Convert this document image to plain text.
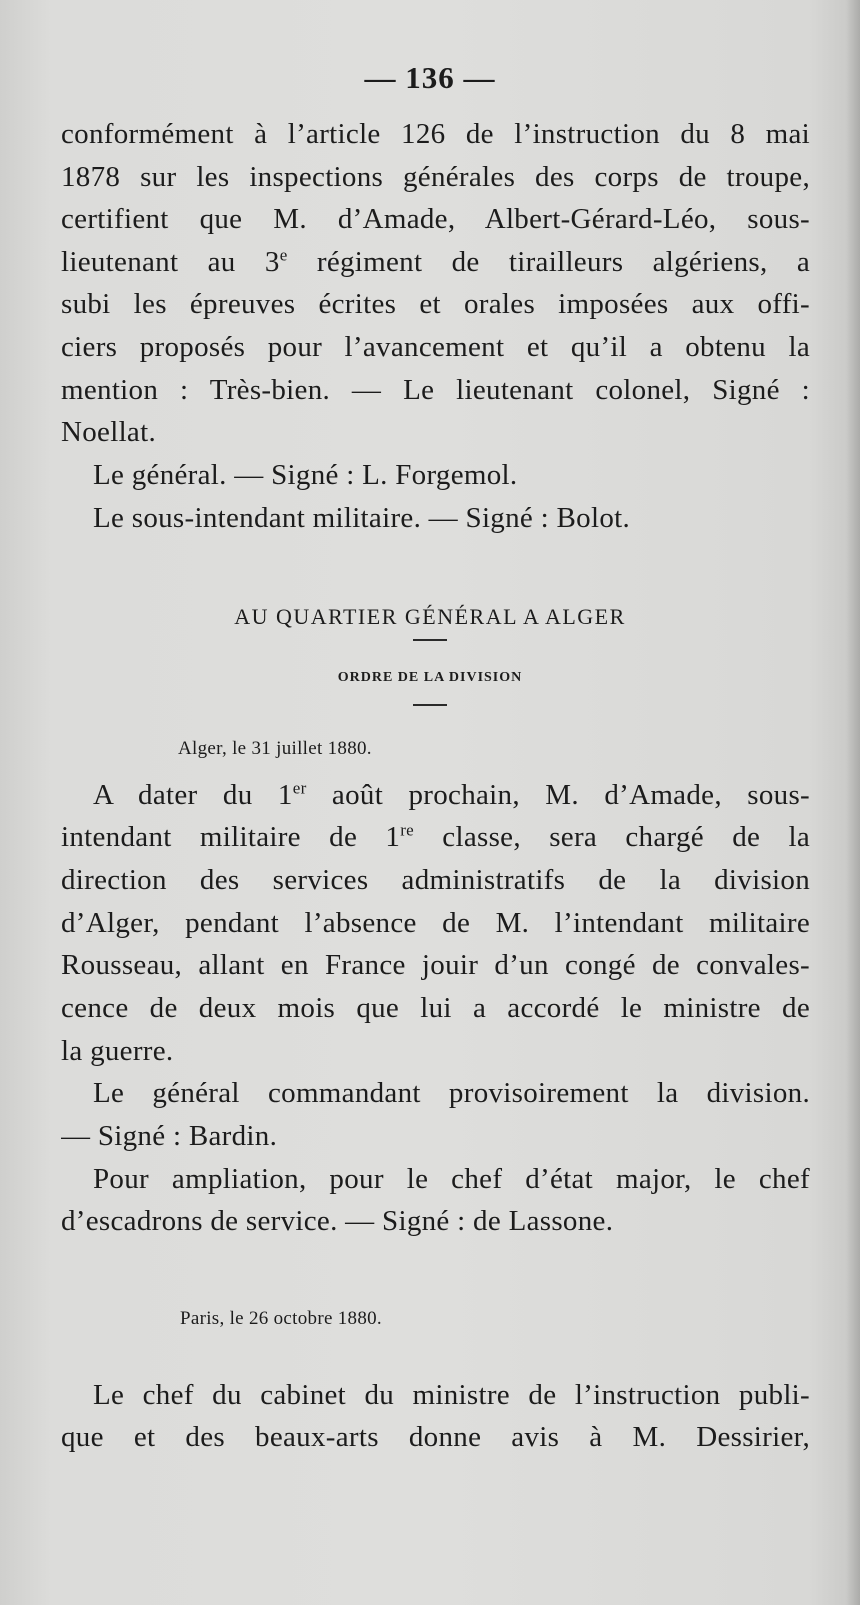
— 136 —
conformément à l’article 126 de l’instruction du 8 mai
1878 sur les inspections générales des corps de troupe,
certifient que M. d’Amade, Albert-Gérard-Léo, sous-
lieutenant au 3e régiment de tirailleurs algériens, a
subi les épreuves écrites et orales imposées aux offi-
ciers proposés pour l’avancement et qu’il a obtenu la
mention : Très-bien. — Le lieutenant colonel, Signé :
Noellat.
Le général. — Signé : L. Forgemol.
Le sous-intendant militaire. — Signé : Bolot.
AU QUARTIER GÉNÉRAL A ALGER
ORDRE DE LA DIVISION
Alger, le 31 juillet 1880.
A dater du 1er août prochain, M. d’Amade, sous-
intendant militaire de 1re classe, sera chargé de la
direction des services administratifs de la division
d’Alger, pendant l’absence de M. l’intendant militaire
Rousseau, allant en France jouir d’un congé de convales-
cence de deux mois que lui a accordé le ministre de
la guerre.
Le général commandant provisoirement la division.
— Signé : Bardin.
Pour ampliation, pour le chef d’état major, le chef
d’escadrons de service. — Signé : de Lassone.
Paris, le 26 octobre 1880.
Le chef du cabinet du ministre de l’instruction publi-
que et des beaux-arts donne avis à M. Dessirier,
